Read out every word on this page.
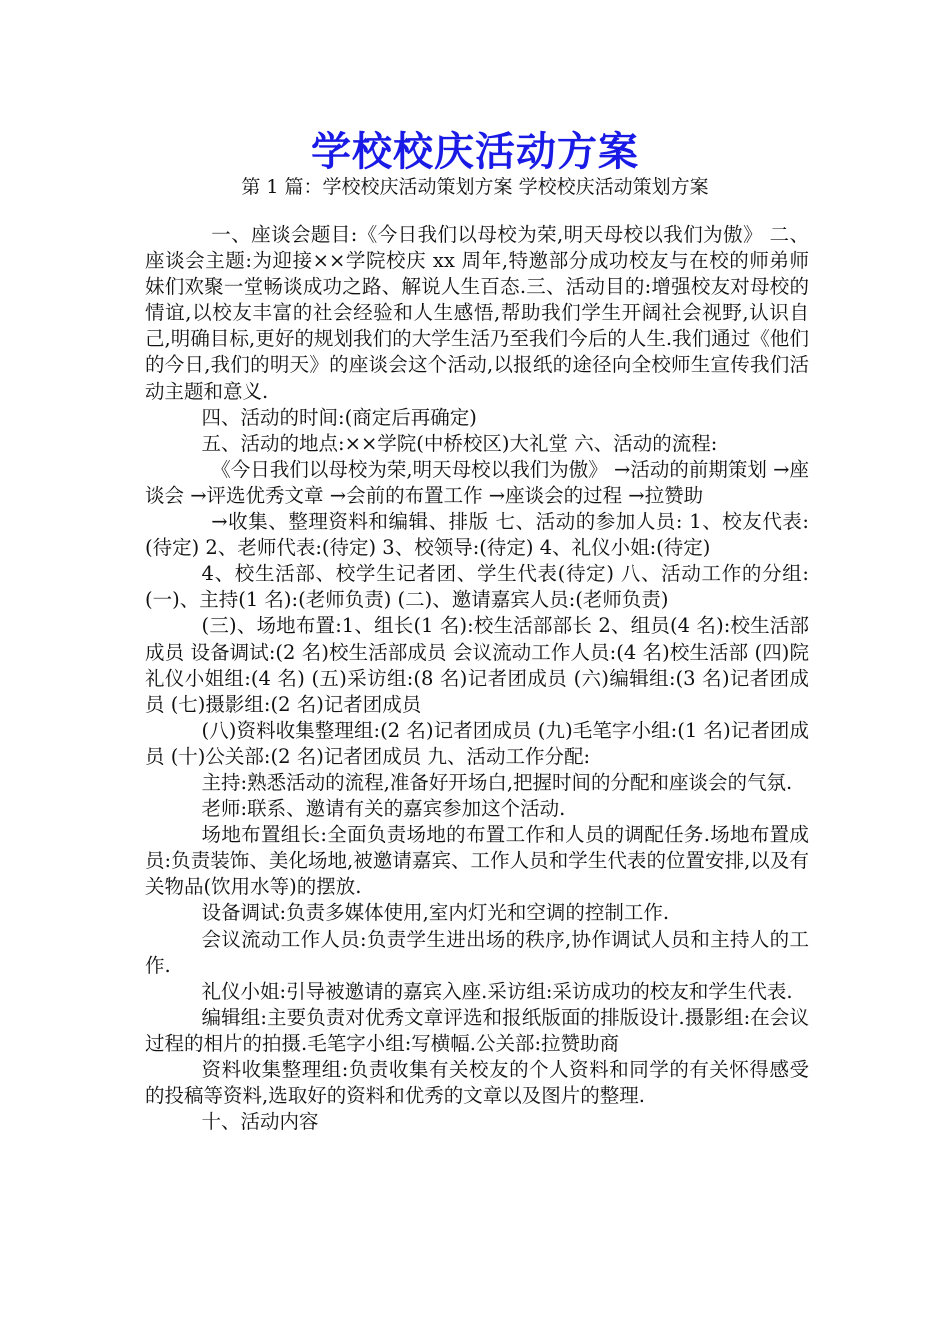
学校校庆活动方案

第 1 篇：学校校庆活动策划方案 学校校庆活动策划方案

一、座谈会题目:《今日我们以母校为荣,明天母校以我们为傲》 二、座谈会主题:为迎接××学院校庆 xx 周年,特邀部分成功校友与在校的师弟师妹们欢聚一堂畅谈成功之路、解说人生百态.三、活动目的:增强校友对母校的情谊,以校友丰富的社会经验和人生感悟,帮助我们学生开阔社会视野,认识自己,明确目标,更好的规划我们的大学生活乃至我们今后的人生.我们通过《他们的今日,我们的明天》的座谈会这个活动,以报纸的途径向全校师生宣传我们活动主题和意义.

四、活动的时间:(商定后再确定)

五、活动的地点:××学院(中桥校区)大礼堂 六、活动的流程:

《今日我们以母校为荣,明天母校以我们为傲》 →活动的前期策划 →座谈会 →评选优秀文章 →会前的布置工作 →座谈会的过程 →拉赞助

→收集、整理资料和编辑、排版 七、活动的参加人员: 1、校友代表:(待定) 2、老师代表:(待定) 3、校领导:(待定) 4、礼仪小姐:(待定)

4、校生活部、校学生记者团、学生代表(待定) 八、活动工作的分组: (一)、主持(1 名):(老师负责) (二)、邀请嘉宾人员:(老师负责)

(三)、场地布置:1、组长(1 名):校生活部部长 2、组员(4 名):校生活部成员 设备调试:(2 名)校生活部成员 会议流动工作人员:(4 名)校生活部 (四)院礼仪小姐组:(4 名) (五)采访组:(8 名)记者团成员 (六)编辑组:(3 名)记者团成员 (七)摄影组:(2 名)记者团成员

(八)资料收集整理组:(2 名)记者团成员 (九)毛笔字小组:(1 名)记者团成员 (十)公关部:(2 名)记者团成员 九、活动工作分配:

主持:熟悉活动的流程,准备好开场白,把握时间的分配和座谈会的气氛.

老师:联系、邀请有关的嘉宾参加这个活动.

场地布置组长:全面负责场地的布置工作和人员的调配任务.场地布置成员:负责装饰、美化场地,被邀请嘉宾、工作人员和学生代表的位置安排,以及有关物品(饮用水等)的摆放.

设备调试:负责多媒体使用,室内灯光和空调的控制工作.

会议流动工作人员:负责学生进出场的秩序,协作调试人员和主持人的工作.

礼仪小姐:引导被邀请的嘉宾入座.采访组:采访成功的校友和学生代表.

编辑组:主要负责对优秀文章评选和报纸版面的排版设计.摄影组:在会议过程的相片的拍摄.毛笔字小组:写横幅.公关部:拉赞助商

资料收集整理组:负责收集有关校友的个人资料和同学的有关怀得感受的投稿等资料,选取好的资料和优秀的文章以及图片的整理.

十、活动内容
